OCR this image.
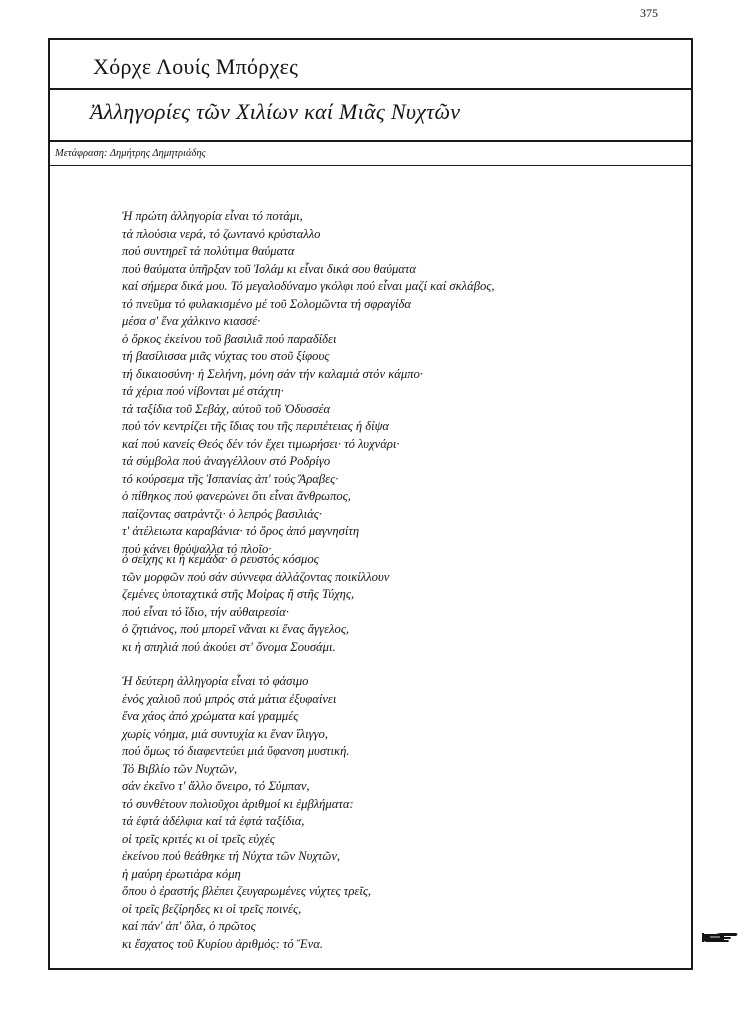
375
Χόρχε Λουίς Μπόρχες
Ἀλληγορίες τῶν Χιλίων καί Μιᾶς Νυχτῶν
Μετάφραση: Δημήτρης Δημητριάδης
Ἡ πρώτη ἀλληγορία εἶναι τό ποτάμι,
τά πλούσια νερά, τό ζωντανό κρύσταλλο
πού συντηρεῖ τά πολύτιμα θαύματα
πού θαύματα ὑπῆρξαν τοῦ Ἰσλάμ κι εἶναι δικά σου θαύματα
καί σήμερα δικά μου. Τό μεγαλοδύναμο γκόλφι πού εἶναι μαζί καί σκλάβος,
τό πνεῦμα τό φυλακισμένο μέ τοῦ Σολομῶντα τή σφραγίδα
μέσα σ' ἕνα χάλκινο κιασσέ·
ὁ ὅρκος ἐκείνου τοῦ βασιλιᾶ πού παραδίδει
τή βασίλισσα μιᾶς νύχτας του στοῦ ξίφους
τή δικαιοσύνη· ἡ Σελήνη, μόνη σάν τήν καλαμιά στόν κάμπο·
τά χέρια πού νίβονται μέ στάχτη·
τά ταξίδια τοῦ Σεβάχ, αὐτοῦ τοῦ Ὀδυσσέα
πού τόν κεντρίζει τῆς ἴδιας του τῆς περιπέτειας ἡ δίψα
καί πού κανείς Θεός δέν τόν ἔχει τιμωρήσει· τό λυχνάρι·
τά σύμβολα πού ἀναγγέλλουν στό Ροδρίγο
τό κούρσεμα τῆς Ἰσπανίας ἀπ' τούς Ἄραβες·
ὁ πίθηκος πού φανερώνει ὅτι εἶναι ἄνθρωπος,
παίζοντας σατράντζι· ὁ λεπρός βασιλιάς·
τ' ἀτέλειωτα καραβάνια· τό ὄρος ἀπό μαγνησίτη
πού κάνει θρύψαλλα τό πλοῖο·
ὁ σεΐχης κι ἡ κεμάδα· ὁ ρευστός κόσμος
τῶν μορφῶν πού σάν σύννεφα ἀλλάζοντας ποικίλλουν
ζεμένες ὑποταχτικά στῆς Μοίρας ἤ στῆς Τύχης,
πού εἶναι τό ἴδιο, τήν αὐθαιρεσία·
ὁ ζητιάνος, πού μπορεῖ νἄναι κι ἕνας ἄγγελος,
κι ἡ σπηλιά πού ἀκούει στ' ὄνομα Σουσάμι.
Ἡ δεύτερη ἀλληγορία εἶναι τό φάσιμο
ἑνός χαλιοῦ πού μπρός στά μάτια ἐξυφαίνει
ἕνα χάος ἀπό χρώματα καί γραμμές
χωρίς νόημα, μιά συντυχία κι ἕναν ἴλιγγο,
πού ὅμως τό διαφεντεύει μιά ὕφανση μυστική.
Τό Βιβλίο τῶν Νυχτῶν,
σάν ἐκεῖνο τ' ἄλλο ὄνειρο, τό Σύμπαν,
τό συνθέτουν πολιοῦχοι ἀριθμοί κι ἐμβλήματα:
τά ἑφτά ἀδέλφια καί τά ἑφτά ταξίδια,
οἱ τρεῖς κριτές κι οἱ τρεῖς εὐχές
ἐκείνου πού θεάθηκε τή Νύχτα τῶν Νυχτῶν,
ἡ μαύρη ἐρωτιάρα κόμη
ὅπου ὁ ἐραστής βλέπει ζευγαρωμένες νύχτες τρεῖς,
οἱ τρεῖς βεζίρηδες κι οἱ τρεῖς ποινές,
καί πάν' ἀπ' ὅλα, ὁ πρῶτος
κι ἔσχατος τοῦ Κυρίου ἀριθμός: τό Ἕνα.
